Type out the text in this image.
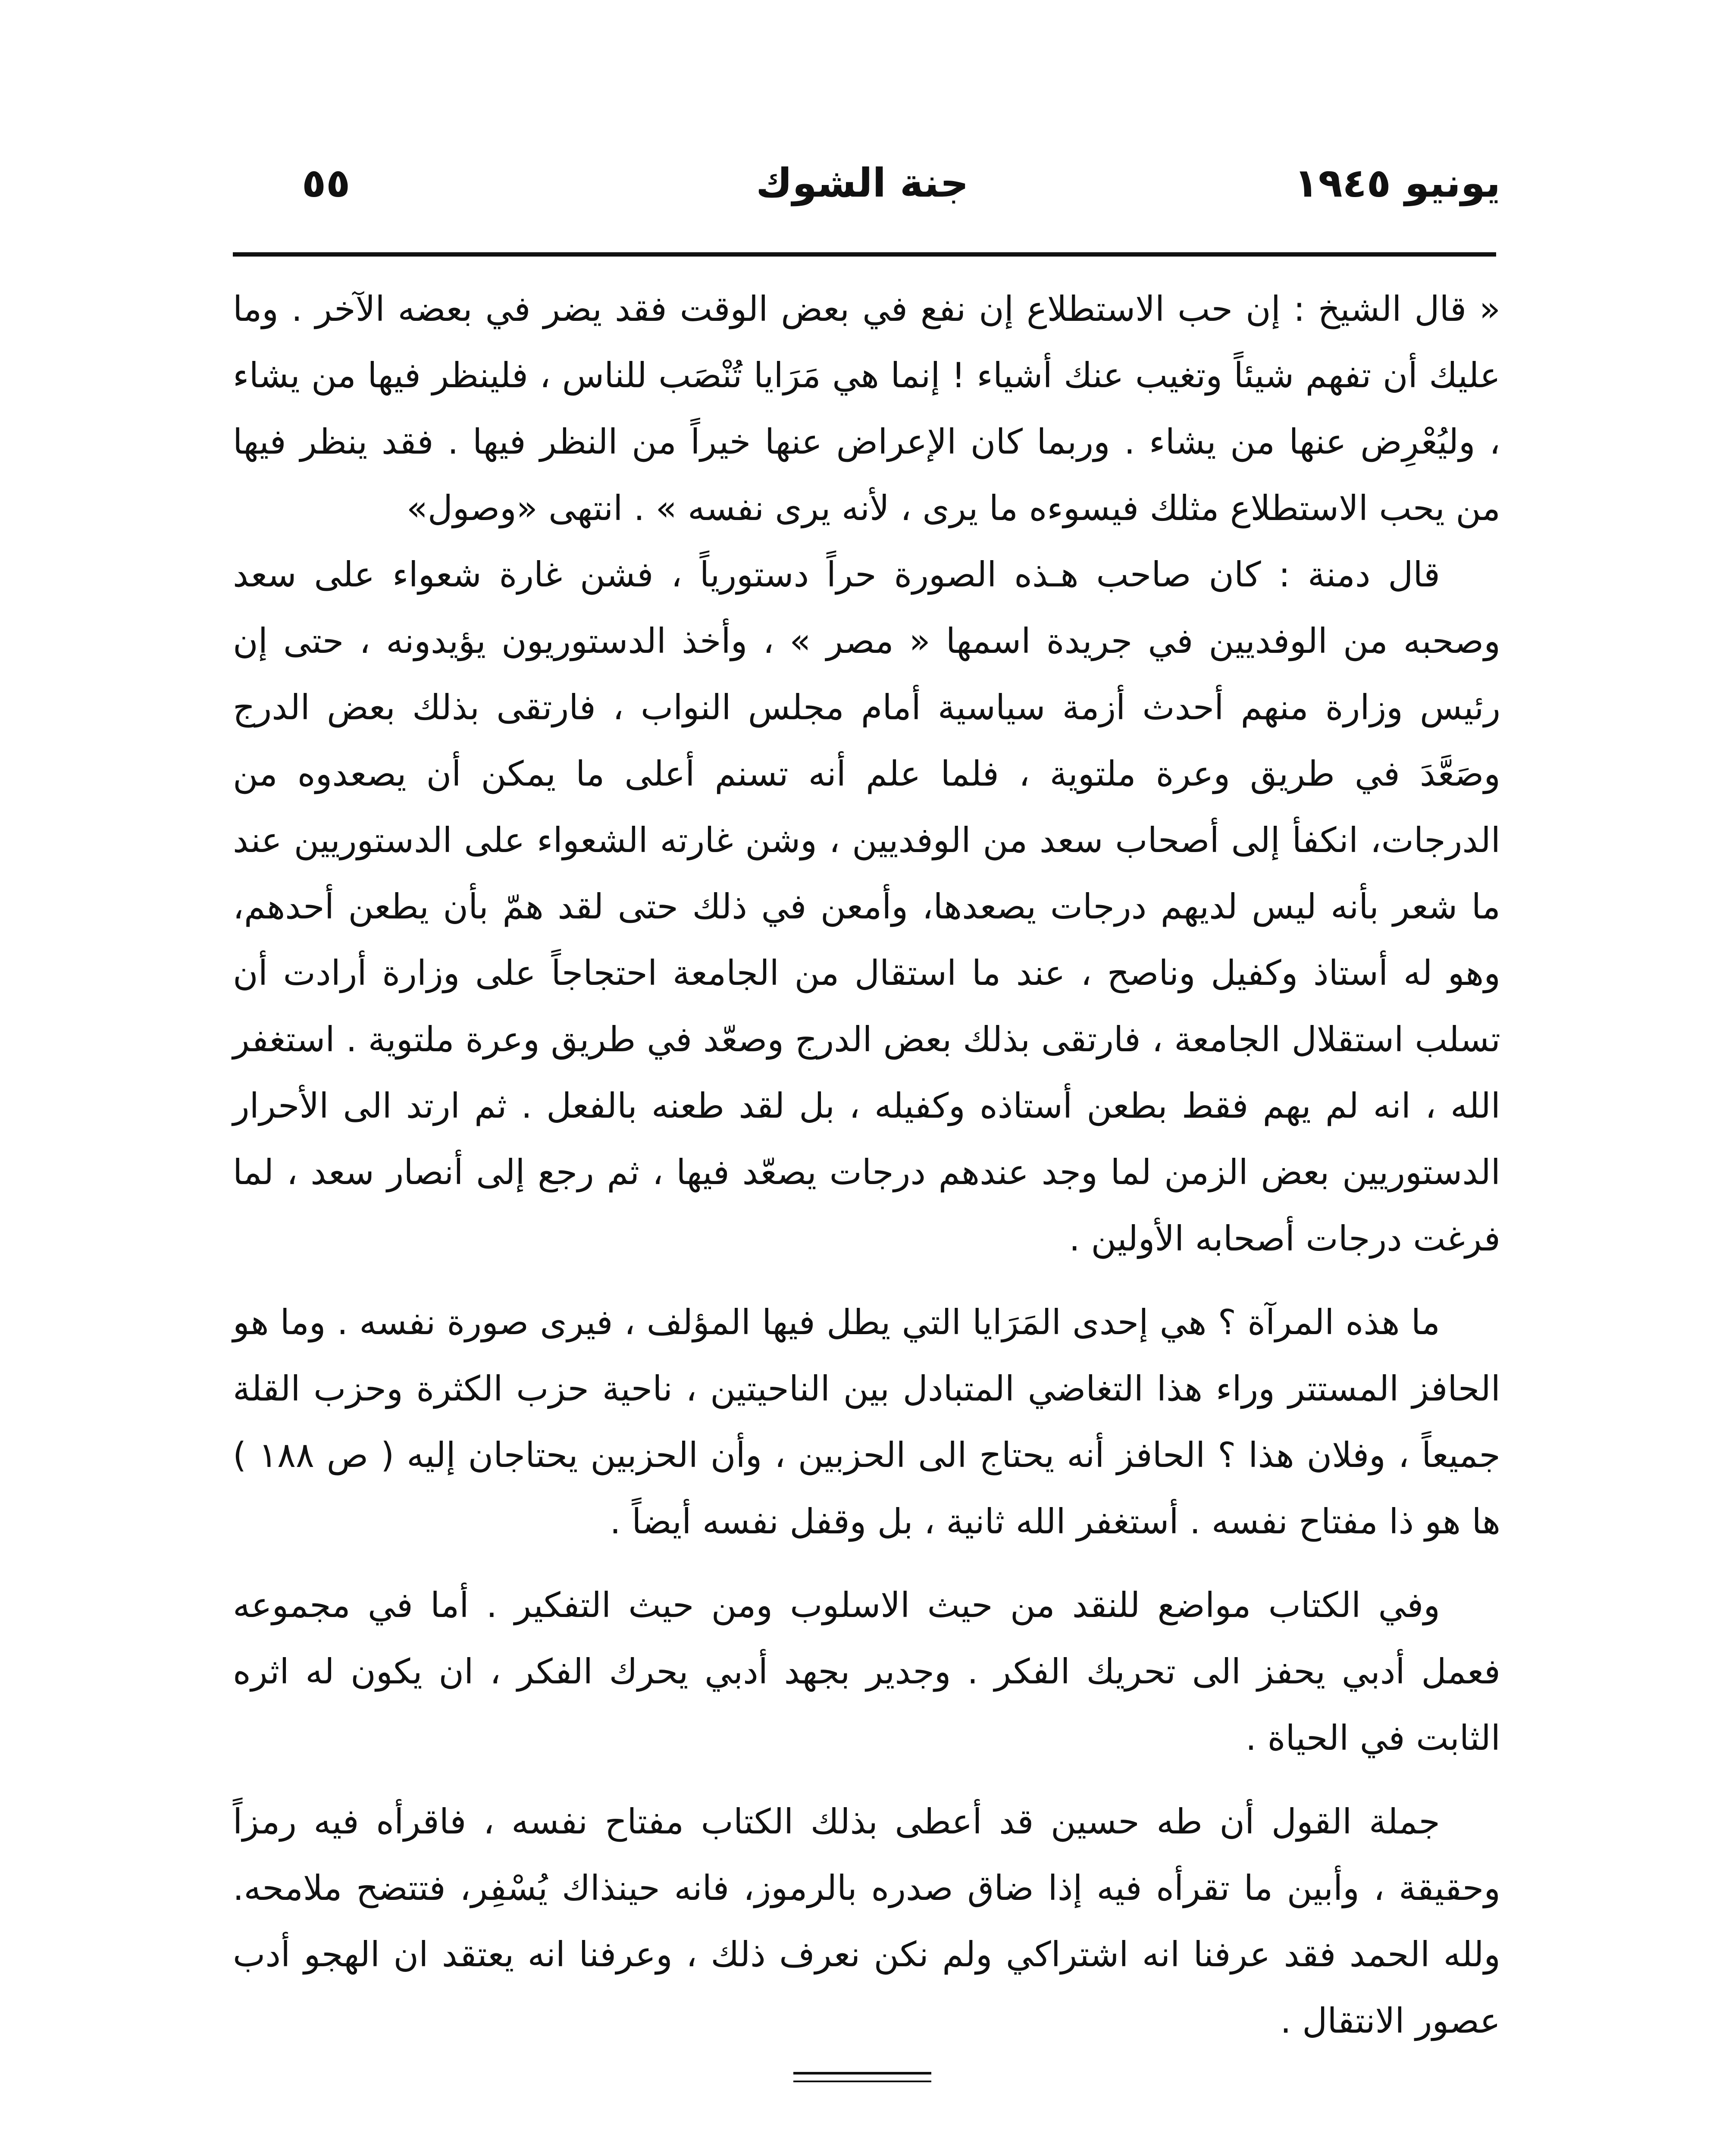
يونيو ١٩٤٥
جنة الشوك
٥٥

« قال الشيخ : إن حب الاستطلاع إن نفع في بعض الوقت فقد يضر في بعضه الآخر . وما عليك أن تفهم شيئاً وتغيب عنك أشياء ! إنما هي مَرَايا تُنْصَب للناس ، فلينظر فيها من يشاء ، وليُعْرِض عنها من يشاء . وربما كان الإعراض عنها خيراً من النظر فيها . فقد ينظر فيها من يحب الاستطلاع مثلك فيسوءه ما يرى ، لأنه يرى نفسه » . انتهى «وصول»

قال دمنة : كان صاحب هـذه الصورة حراً دستورياً ، فشن غارة شعواء على سعد وصحبه من الوفديين في جريدة اسمها « مصر » ، وأخذ الدستوريون يؤيدونه ، حتى إن رئيس وزارة منهم أحدث أزمة سياسية أمام مجلس النواب ، فارتقى بذلك بعض الدرج وصَعَّدَ في طريق وعرة ملتوية ، فلما علم أنه تسنم أعلى ما يمكن أن يصعدوه من الدرجات، انكفأ إلى أصحاب سعد من الوفديين ، وشن غارته الشعواء على الدستوريين عند ما شعر بأنه ليس لديهم درجات يصعدها، وأمعن في ذلك حتى لقد همّ بأن يطعن أحدهم، وهو له أستاذ وكفيل وناصح ، عند ما استقال من الجامعة احتجاجاً على وزارة أرادت أن تسلب استقلال الجامعة ، فارتقى بذلك بعض الدرج وصعّد في طريق وعرة ملتوية . استغفر الله ، انه لم يهم فقط بطعن أستاذه وكفيله ، بل لقد طعنه بالفعل . ثم ارتد الى الأحرار الدستوريين بعض الزمن لما وجد عندهم درجات يصعّد فيها ، ثم رجع إلى أنصار سعد ، لما فرغت درجات أصحابه الأولين .

ما هذه المرآة ؟ هي إحدى المَرَايا التي يطل فيها المؤلف ، فيرى صورة نفسه . وما هو الحافز المستتر وراء هذا التغاضي المتبادل بين الناحيتين ، ناحية حزب الكثرة وحزب القلة جميعاً ، وفلان هذا ؟ الحافز أنه يحتاج الى الحزبين ، وأن الحزبين يحتاجان إليه ( ص ١٨٨ ) ها هو ذا مفتاح نفسه . أستغفر الله ثانية ، بل وقفل نفسه أيضاً .

وفي الكتاب مواضع للنقد من حيث الاسلوب ومن حيث التفكير . أما في مجموعه فعمل أدبي يحفز الى تحريك الفكر . وجدير بجهد أدبي يحرك الفكر ، ان يكون له اثره الثابت في الحياة .

جملة القول أن طه حسين قد أعطى بذلك الكتاب مفتاح نفسه ، فاقرأه فيه رمزاً وحقيقة ، وأبين ما تقرأه فيه إذا ضاق صدره بالرموز، فانه حينذاك يُسْفِر، فتتضح ملامحه. ولله الحمد فقد عرفنا انه اشتراكي ولم نكن نعرف ذلك ، وعرفنا انه يعتقد ان الهجو أدب عصور الانتقال .
